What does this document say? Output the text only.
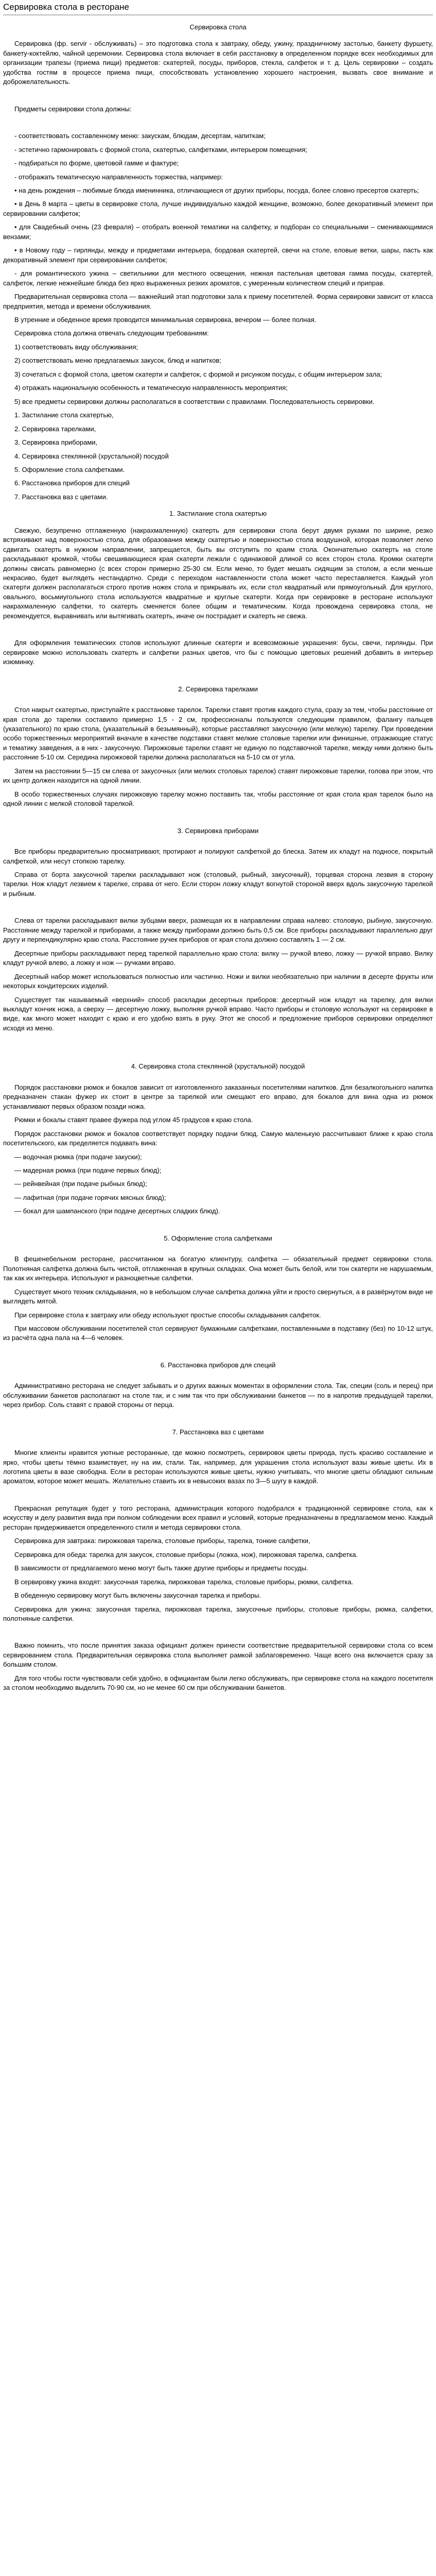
Сервировка стола в ресторане

Сервировка стола

Сервировка (фр. servir - обслуживать) – это подготовка стола к завтраку, обеду, ужину, праздничному застолью, банкету фуршету, банкету-коктейлю, чайной церемонии. Сервировка стола включает в себя расстановку в определенном порядке всех необходимых для организации трапезы (приема пищи) предметов: скатертей, посуды, приборов, стекла, салфеток и т. д. Цель сервировки – создать удобства гостям в процессе приема пищи, способствовать установлению хорошего настроения, вызвать свое внимание и доброжелательность.

Предметы сервировки стола должны:

- соответствовать составленному меню: закускам, блюдам, десертам, напиткам;

- эстетично гармонировать с формой стола, скатертью, салфетками, интерьером помещения;

- подбираться по форме, цветовой гамме и фактуре;

- отображать тематическую направленность торжества, например:

• на день рождения – любимые блюда именинника, отличающиеся от других приборы, посуда, более словно пресертов скатерть;

• в День 8 марта – цветы в сервировке стола, лучше индивидуально каждой женщине, возможно, более декоративный элемент при сервировании салфеток;

• для Свадебный очень (23 февраля) – отобрать военной тематики на салфетку, и подборан со специальными – сменивающимися вензами;

• в Новому году – гирлянды, между и предметами интерьера, бордовая скатертей, свечи на столе, еловые ветки, шары, пасть как декоративный элемент при сервировании салфеток;

- для романтического ужина – светильники для местного освещения, нежная пастельная цветовая гамма посуды, скатертей, салфеток, легкие нежнейшие блюда без ярко выраженных резких ароматов, с умеренным количеством специй и приправ.

Предварительная сервировка стола — важнейший этап подготовки зала к приему посетителей. Форма сервировки зависит от класса предприятия, метода и времени обслуживания.

В утренние и обеденное время проводится минимальная сервировка, вечером — более полная.

Сервировка стола должна отвечать следующим требованиям:

1) соответствовать виду обслуживания;

2) соответствовать меню предлагаемых закусок, блюд и напитков;

3) сочетаться с формой стола, цветом скатерти и салфеток, с формой и рисунком посуды, с общим интерьером зала;

4) отражать национальную особенность и тематическую направленность мероприятия;

5) все предметы сервировки должны располагаться в соответствии с правилами. Последовательность сервировки.

1. Застилание стола скатертью,

2. Сервировка тарелками,

3. Сервировка приборами,

4. Сервировка стеклянной (хрустальной) посудой

5. Оформление стола салфетками.

6. Расстановка приборов для специй

7. Расстановка ваз с цветами.

1. Застилание стола скатертью

Свежую, безупречно отглаженную (накрахмаленную) скатерть для сервировки стола берут двумя руками по ширине, резко встряхивают над поверхностью стола, для образования между скатертью и поверхностью стола воздушной, которая позволяет легко сдвигать скатерть в нужном направлении, запрещается, быть вы отступить по краям стола. Окончательно скатерть на столе раскладывают кромкой, чтобы свешивающиеся края скатерти лежали с одинаковой длиной со всех сторон стола. Кромки скатерти должны свисать равномерно (с всех сторон примерно 25-30 см. Если меню, то будет мешать сидящим за столом, а если меньше некрасиво, будет выглядеть нестандартно. Среди с переходом наставленности стола может часто переставляется. Каждый угол скатерти должен располагаться строго против ножек стола и прикрывать их, если стол квадратный или прямоугольный. Для круглого, овального, восьмиугольного стола используются квадратные и круглые скатерти. Когда при сервировке в ресторане используют накрахмаленную салфетки, то скатерть сменяется более общим и тематическим. Когда провожденa сервировка стола, не рекомендуется, выравнивать или вытягивать скатерть, иначе он пострадает и скатерть не свежа.

Для оформления тематических столов используют длинные скатерти и всевозможные украшения: бусы, свечи, гирлянды. При сервировке можно использовать скатерть и салфетки разных цветов, что бы с помощью цветовых решений добавить в интерьер изюминку.

2. Сервировка тарелками

Стол накрыт скатертью, приступайте к расстановке тарелок. Тарелки ставят против каждого стула, сразу за тем, чтобы расстояние от края стола до тарелки составило примерно 1,5 - 2 см, профессионалы пользуются следующим правилом, фалангу пальцев (указательного) по краю стола, (указательный в безымянный), которые расставляют закусочную (или мелкую) тарелку. При проведении особо торжественных мероприятий вначале в качестве подставки ставят мелкие столовые тарелки или финишные, отражающие статус и тематику заведения, а в них - закусочную. Пирожковые тарелки ставят не единую по подставочной тарелке, между ними должно быть расстояние 5-10 см. Середина пирожковой тарелки должна располагаться на 5-10 см от угла.

Затем на расстоянии 5—15 см слева от закусочных (или мелких столовых тарелок) ставят пирожковые тарелки, голова при этом, что их центр должен находится на одной линии.

В особо торжественных случаях пирожковую тарелку можно поставить так, чтобы расстояние от края стола края тарелок было на одной линии с мелкой столовой тарелкой.

3. Сервировка приборами

Все приборы предварительно просматривают, протирают и полируют салфеткой до блеска. Затем их кладут на подносе, покрытый салфеткой, или несут стопкою тарелку.

Справа от бортa закусочной тарелки раскладывают нож (столовый, рыбный, закусочный), торцевая сторона лезвия в сторону тарелки. Нож кладут лезвием к тарелке, справа от него. Если сторон ложку кладут вогнутой стороной вверх вдоль закусочную тарелкой и рыбным.

Слева от тарелки раскладывают вилки зубцами вверх, размещая их в направлении справа налево: столовую, рыбную, закусочную. Расстояние между тарелкой и приборами, а также между приборами должно быть 0,5 см. Все приборы раскладывают параллельно друг другу и перпендикулярно краю стола. Расстояние ручек приборов от края стола должно составлять 1 — 2 см.

Десертные приборы раскладывают перед тарелкой параллельно краю стола: вилку — ручкой влево, ложку — ручкой вправо. Вилку кладут ручкой влево, а ложку и нож — ручками вправо.

Десертный набор может использоваться полностью или частично. Ножи и вилки необязательно при наличии в десерте фрукты или некоторых кондитерских изделий.

Существует так называемый «верхний» способ раскладки десертных приборов: десертный нож кладут на тарелку, для вилки выкладут кончик ножа, а сверху — десертную ложку, выполняя ручкой вправо. Часто приборы и столовую используют на сервировке в виде, как много может находит с краю и его удобно взять в руку. Этот же способ и предложение приборов сервировки определяют исходя из меню.

4. Сервировка стола стеклянной (хрустальной) посудой

Порядок расстановки рюмок и бокалов зависит от изготовленного заказанных посетителями напитков. Для безалкогольного напитка предназначен стакан фужер их стоит в центре за тарелкой или смещают его вправо, для бокалов для вина одна из рюмок устанавливают первых образом позади ножа.

Рюмки и бокалы ставят правее фужера под углом 45 градусов к краю стола.

Порядок расстановки рюмок и бокалов соответствует порядку подачи блюд. Самую маленькую рассчитывают ближе к краю стола посетительского, как пределяется подавать вина:

— водочная рюмка (при подаче закуски);

— мадерная рюмка (при подаче первых блюд);

— рейнвейная (при подаче рыбных блюд);

— лафитная (при подаче горячих мясных блюд);

— бокал для шампанского (при подаче десертных сладких блюд).

5. Оформление стола салфетками

В фешенебельном ресторане, рассчитанном на богатую клиентуру, салфетка — обязательный предмет сервировки стола. Полотняная салфетка должна быть чистой, отглаженная в крупных складках. Она может быть белой, или тон скатерти не нарушаемым, так как их интерьера. Используют и разноцветные салфетки.

Существует много техник складывания, но в небольшом случае салфетка должна уйти и просто свернуться, а в развёрнутом виде не выглядеть мятой.

При сервировке стола к завтраку или обеду используют простые способы складывания салфеток.

При массовом обслуживании посетителей стол сервируют бумажными салфетками, поставленными в подставку (без) по 10-12 штук, из расчёта одна пала на 4—6 человек.

6. Расстановка приборов для специй

Административно ресторана не следует забывать и о других важных моментах в оформлении стола. Так, специи (соль и перец) при обслуживании банкетов располагают на столе так, и с ним так что при обслуживании банкетов — по в напротив предыдущей тарелки, через прибор. Соль ставят с правой стороны от перца.

7. Расстановка ваз с цветами

Многие клиенты нравится уютные ресторанные, где можно посмотреть, сервировок цветы природа, пусть красиво составление и ярко, чтобы цветы тёмно взаимствует, ну на им, стали. Так, например, для украшения стола используют вазы живые цветы. Их в логотипа цветы в вазе свободна. Если в ресторан используются живые цветы, нужно учитывать, что многие цветы обладают сильным ароматом, которое может мешать. Желательно ставить их в невысоких вазах по 3—5 шугу в каждой.

Прекрасная репутация будет у того ресторана, администрация которого подобрался к традиционной сервировке стола, как к искусству и делу развития вида при полном соблюдении всех правил и условий, которые предназначены в предлагаемом меню. Каждый ресторан придерживается определенного стиля и метода сервировки стола.

Сервировка для завтрака: пирожковая тарелка, столовые приборы, тарелка, тонкие салфетки,

Сервировка для обеда: тарелка для закусок, столовые приборы (ложка, нож), пирожковая тарелка, салфетка.

В зависимости от предлагаемого меню могут быть также другие приборы и предметы посуды.

В сервировку ужина входят: закусочная тарелка, пирожковая тарелка, столовые приборы, рюмки, салфетка.

В обеденную сервировку могут быть включены закусочная тарелка и приборы.

Сервировка для ужина: закусочная тарелка, пирожковая тарелка, закусочные приборы, столовые приборы, рюмка, салфетки, полотняные салфетки.

Важно помнить, что после принятия заказа официант должен принести соответствие предварительной сервировки стола со всем сервированием стола. Предварительная сервировка стола выполняет рамкой заблаговременно. Чаще всего она включается сразу за большим столом.

Для того чтобы гости чувствовали себя удобно, в официантам были легко обслуживать, при сервировке стола на каждого посетителя за столом необходимо выделить 70-90 см, но не менее 60 см при обслуживании банкетов.
